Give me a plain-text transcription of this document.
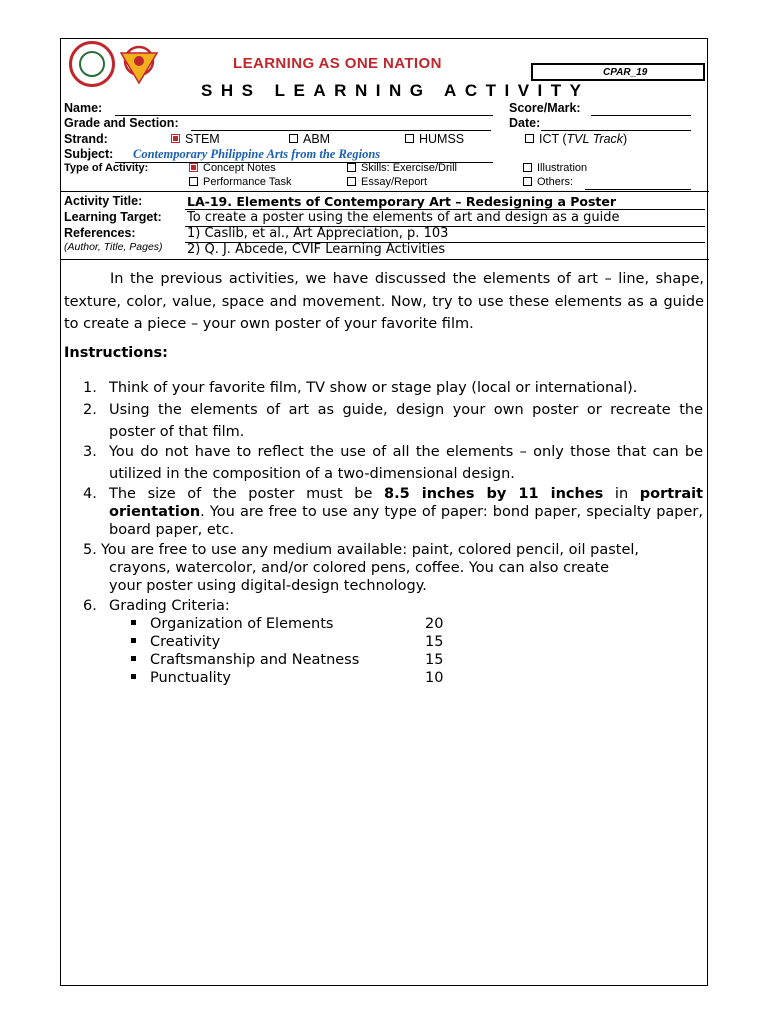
LEARNING AS ONE NATION
CPAR_19
SHS LEARNING ACTIVITY
Name:	Score/Mark:
Grade and Section:	Date:
Strand:	STEM	ABM	HUMSS	ICT (TVL Track)
Subject: Contemporary Philippine Arts from the Regions
Type of Activity:	Concept Notes	Skills: Exercise/Drill	Illustration
Performance Task	Essay/Report	Others:
Activity Title:	LA-19. Elements of Contemporary Art – Redesigning a Poster
Learning Target: To create a poster using the elements of art and design as a guide
References:
(Author, Title, Pages)
1) Caslib, et al., Art Appreciation, p. 103
2) Q. J. Abcede, CVIF Learning Activities

In the previous activities, we have discussed the elements of art – line, shape, texture, color, value, space and movement. Now, try to use these elements as a guide to create a piece – your own poster of your favorite film.

Instructions:
1. Think of your favorite film, TV show or stage play (local or international).
2. Using the elements of art as guide, design your own poster or recreate the poster of that film.
3. You do not have to reflect the use of all the elements – only those that can be utilized in the composition of a two-dimensional design.
4. The size of the poster must be 8.5 inches by 11 inches in portrait orientation. You are free to use any type of paper: bond paper, specialty paper, board paper, etc.
5. You are free to use any medium available: paint, colored pencil, oil pastel,
crayons, watercolor, and/or colored pens, coffee. You can also create
your poster using digital-design technology.
6. Grading Criteria:
Organization of Elements	20
Creativity	15
Craftsmanship and Neatness	15
Punctuality	10
